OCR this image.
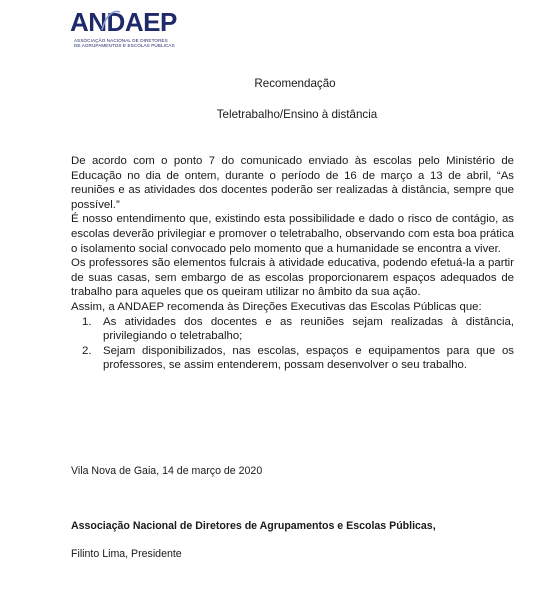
ANDAEP
ASSOCIAÇÃO NACIONAL DE DIRETORES
DE AGRUPAMENTOS E ESCOLAS PÚBLICAS
Recomendação
Teletrabalho/Ensino à distância

De acordo com o ponto 7 do comunicado enviado às escolas pelo Ministério de Educação no dia de ontem, durante o período de 16 de março a 13 de abril, “As reuniões e as atividades dos docentes poderão ser realizadas à distância, sempre que possível.”

É nosso entendimento que, existindo esta possibilidade e dado o risco de contágio, as escolas deverão privilegiar e promover o teletrabalho, observando com esta boa prática o isolamento social convocado pelo momento que a humanidade se encontra a viver.

Os professores são elementos fulcrais à atividade educativa, podendo efetuá-la a partir de suas casas, sem embargo de as escolas proporcionarem espaços adequados de trabalho para aqueles que os queiram utilizar no âmbito da sua ação.

Assim, a ANDAEP recomenda às Direções Executivas das Escolas Públicas que:

1. As atividades dos docentes e as reuniões sejam realizadas à distância, privilegiando o teletrabalho;
2. Sejam disponibilizados, nas escolas, espaços e equipamentos para que os professores, se assim entenderem, possam desenvolver o seu trabalho.
Vila Nova de Gaia, 14 de março de 2020
Associação Nacional de Diretores de Agrupamentos e Escolas Públicas,
Filinto Lima, Presidente
